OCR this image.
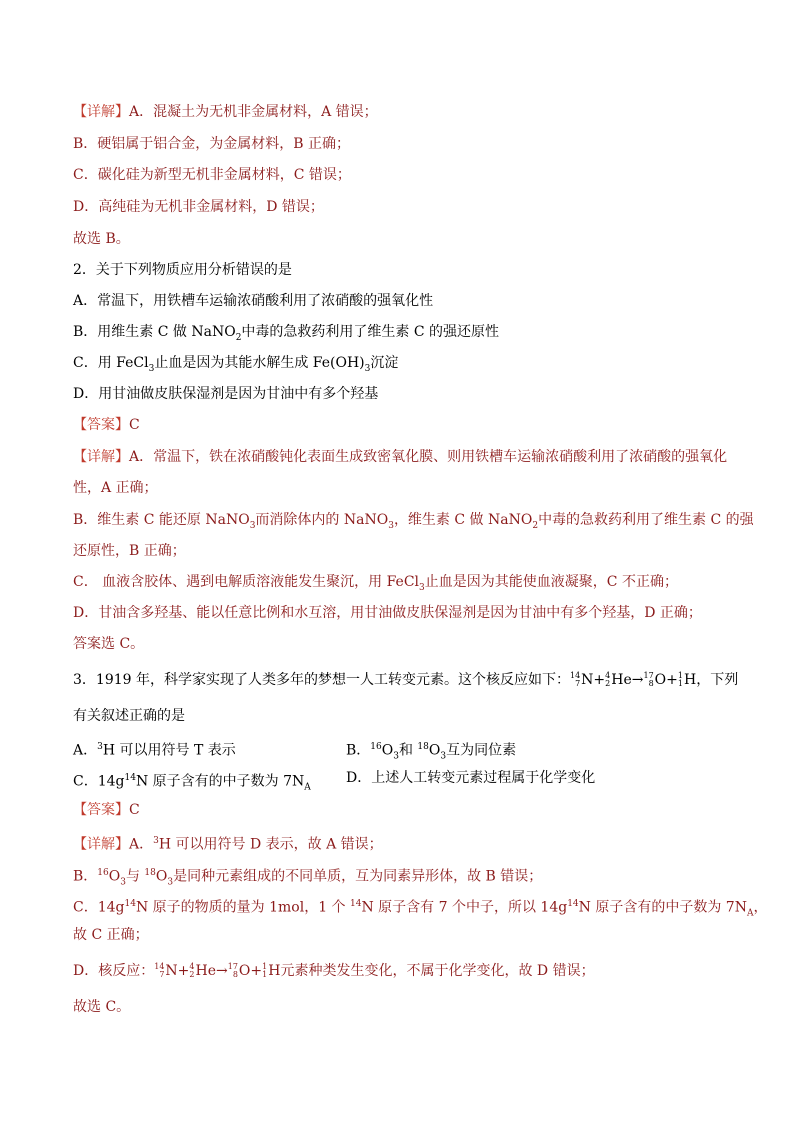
【详解】A．混凝土为无机非金属材料，A 错误；
B．硬铝属于铝合金，为金属材料，B 正确；
C．碳化硅为新型无机非金属材料，C 错误；
D．高纯硅为无机非金属材料，D 错误；
故选 B。
2．关于下列物质应用分析错误的是
A．常温下，用铁槽车运输浓硝酸利用了浓硝酸的强氧化性
B．用维生素 C 做 NaNO$_2$中毒的急救药利用了维生素 C 的强还原性
C．用 FeCl$_3$止血是因为其能水解生成 $Fe(OH)_3$沉淀
D．用甘油做皮肤保湿剂是因为甘油中有多个羟基
【答案】C
【详解】A．常温下，铁在浓硝酸钝化表面生成致密氧化膜、则用铁槽车运输浓硝酸利用了浓硝酸的强氧化
性，A 正确；
B．维生素 C 能还原 NaNO$_3$而消除体内的 NaNO$_3$，维生素 C 做 NaNO$_2$中毒的急救药利用了维生素 C 的强
还原性，B 正确；
C． 血液含胶体、遇到电解质溶液能发生聚沉，用 FeCl$_3$止血是因为其能使血液凝聚，C 不正确；
D．甘油含多羟基、能以任意比例和水互溶，用甘油做皮肤保湿剂是因为甘油中有多个羟基，D 正确；
答案选 C。
3．1919 年，科学家实现了人类多年的梦想一人工转变元素。这个核反应如下： 14
7 N+ 4
2 He→ 17
8 O+ 1
1 H，下列
有关叙述正确的是
A．$^3$H 可以用符号 T 表示	B．$^{16}O_3$和 $^{18}O_3$互为同位素
C．$14g^{14}N$ 原子含有的中子数为 $7N_A$
D．上述人工转变元素过程属于化学变化
【答案】C
【详解】A．$^3$H 可以用符号 D 表示，故 A 错误；
B．$^{16}O_3$与 $^{18}O_3$是同种元素组成的不同单质，互为同素异形体，故 B 错误；
C．$14g^{14}N$ 原子的物质的量为 1mol，1 个 $^{14}$N 原子含有 7 个中子，所以 $14g^{14}N$ 原子含有的中子数为 $7N_A$，
故 C 正确；
D．核反应： 14
7 N+ 4
2 He→ 17
8 O+ 1
1 H元素种类发生变化，不属于化学变化，故 D 错误；
故选 C。
